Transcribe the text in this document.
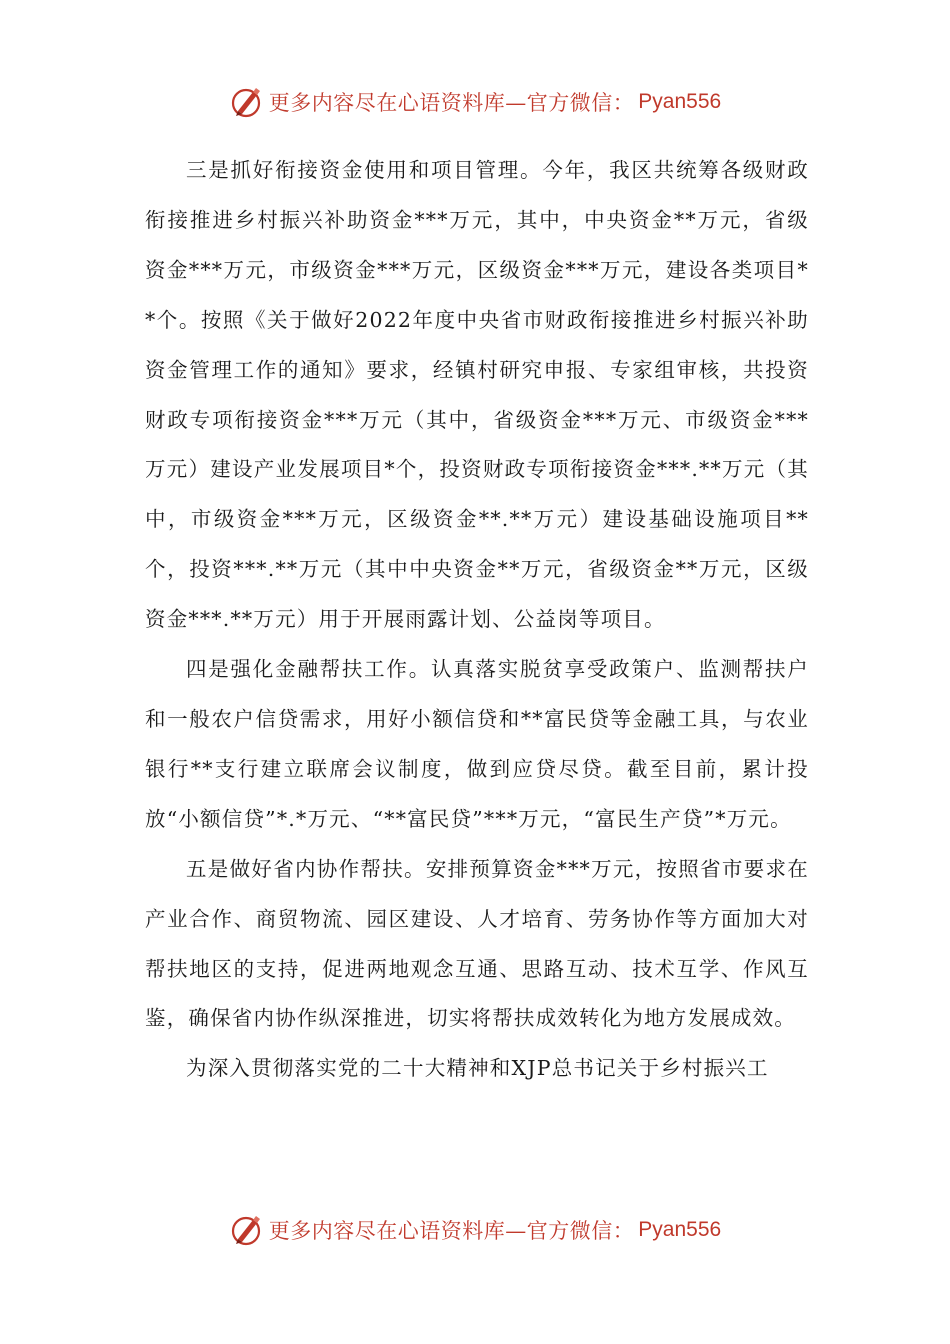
更多内容尽在心语资料库—官方微信： Pyan556

三是抓好衔接资金使用和项目管理。今年，我区共统筹各级财政衔接推进乡村振兴补助资金***万元，其中，中央资金**万元，省级资金***万元，市级资金***万元，区级资金***万元，建设各类项目**个。按照《关于做好2022年度中央省市财政衔接推进乡村振兴补助资金管理工作的通知》要求，经镇村研究申报、专家组审核，共投资财政专项衔接资金***万元（其中，省级资金***万元、市级资金***万元）建设产业发展项目*个，投资财政专项衔接资金***.**万元（其中，市级资金***万元，区级资金**.**万元）建设基础设施项目**个，投资***.**万元（其中中央资金**万元，省级资金**万元，区级资金***.**万元）用于开展雨露计划、公益岗等项目。

四是强化金融帮扶工作。认真落实脱贫享受政策户、监测帮扶户和一般农户信贷需求，用好小额信贷和**富民贷等金融工具，与农业银行**支行建立联席会议制度，做到应贷尽贷。截至目前，累计投放“小额信贷”*.*万元、“**富民贷”***万元，“富民生产贷”*万元。

五是做好省内协作帮扶。安排预算资金***万元，按照省市要求在产业合作、商贸物流、园区建设、人才培育、劳务协作等方面加大对帮扶地区的支持，促进两地观念互通、思路互动、技术互学、作风互鉴，确保省内协作纵深推进，切实将帮扶成效转化为地方发展成效。

为深入贯彻落实党的二十大精神和XJP总书记关于乡村振兴工

更多内容尽在心语资料库—官方微信： Pyan556
